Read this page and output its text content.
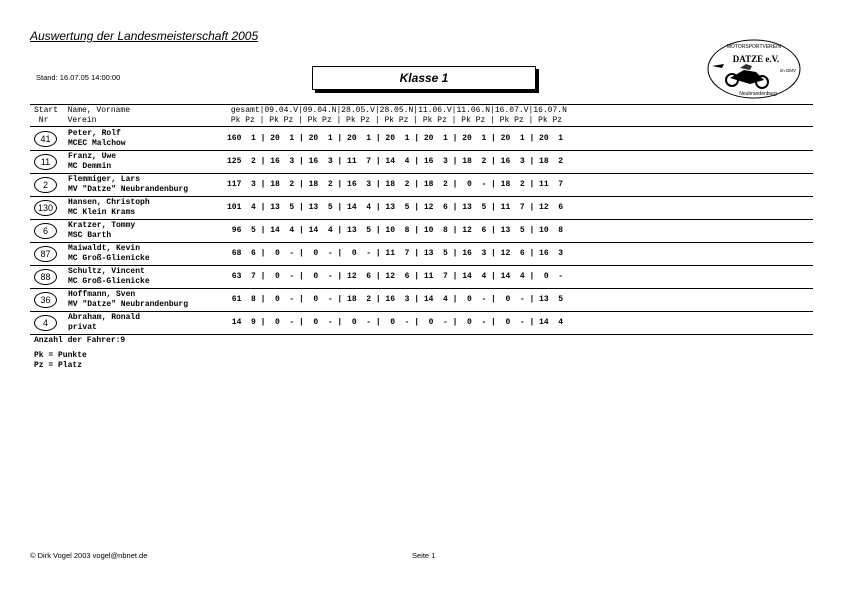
Auswertung der Landesmeisterschaft 2005
Stand: 16.07.05 14:00:00	Klasse 1
MOTORSPORTVEREIN
DATZE e.V.
im DMV
Neubrandenburg
Start  Name, Vorname                     gesamt|09.04.V|09.04.N|28.05.V|28.05.N|11.06.V|11.06.N|16.07.V|16.07.N
Nr    Verein                            Pk Pz | Pk Pz | Pk Pz | Pk Pz | Pk Pz | Pk Pz | Pk Pz | Pk Pz | Pk Pz
41
Peter, Rolf
MCEC Malchow
160  1 | 20  1 | 20  1 | 20  1 | 20  1 | 20  1 | 20  1 | 20  1 | 20  1
11
Franz, Uwe
MC Demmin
125  2 | 16  3 | 16  3 | 11  7 | 14  4 | 16  3 | 18  2 | 16  3 | 18  2
2
Flemmiger, Lars
MV "Datze" Neubrandenburg
117  3 | 18  2 | 18  2 | 16  3 | 18  2 | 18  2 |  0  - | 18  2 | 11  7
130
Hansen, Christoph
MC Klein Krams
101  4 | 13  5 | 13  5 | 14  4 | 13  5 | 12  6 | 13  5 | 11  7 | 12  6
6
Kratzer, Tommy
MSC Barth
96  5 | 14  4 | 14  4 | 13  5 | 10  8 | 10  8 | 12  6 | 13  5 | 10  8
87
Maiwaldt, Kevin
MC Groß-Glienicke
68  6 |  0  - |  0  - |  0  - | 11  7 | 13  5 | 16  3 | 12  6 | 16  3
88
Schultz, Vincent
MC Groß-Glienicke
63  7 |  0  - |  0  - | 12  6 | 12  6 | 11  7 | 14  4 | 14  4 |  0  -
36
Hoffmann, Sven
MV "Datze" Neubrandenburg
61  8 |  0  - |  0  - | 18  2 | 16  3 | 14  4 |  0  - |  0  - | 13  5
4
Abraham, Ronald
privat
14  9 |  0  - |  0  - |  0  - |  0  - |  0  - |  0  - |  0  - | 14  4
Anzahl der Fahrer:9
Pk = Punkte
Pz = Platz
© Dirk Vogel 2003 vogel@nbnet.de	Seite 1
